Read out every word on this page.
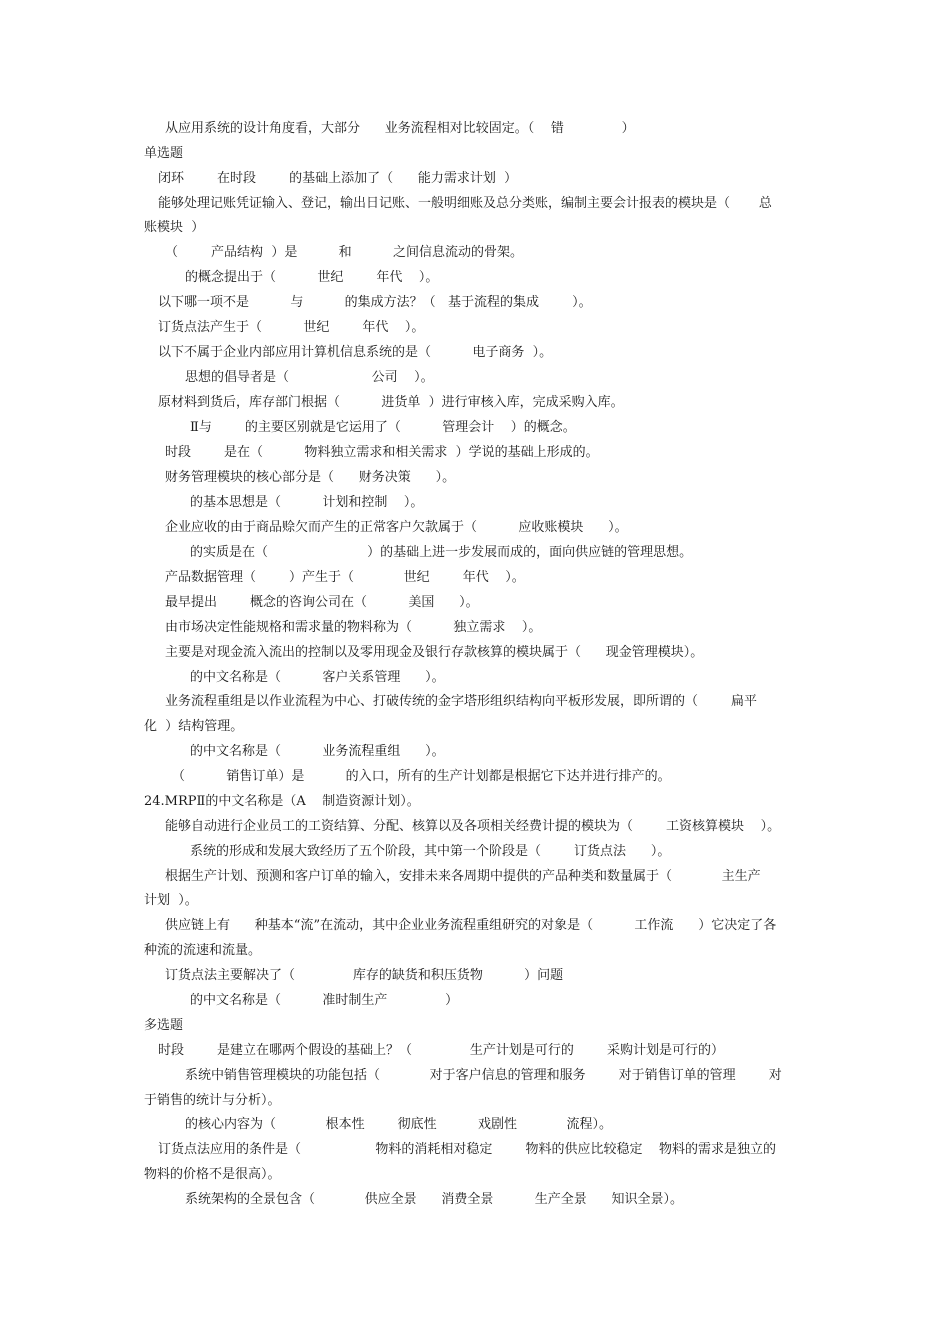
从应用系统的设计角度看，大部分      业务流程相对比较固定。（    错              ）

单选题

闭环        在时段        的基础上添加了（      能力需求计划  ）

能够处理记账凭证输入、登记，输出日记账、一般明细账及总分类账，编制主要会计报表的模块是（       总

账模块  ）

（        产品结构  ）是          和          之间信息流动的骨架。

的概念提出于（          世纪        年代    ）。

以下哪一项不是          与          的集成方法？（   基于流程的集成        ）。

订货点法产生于（          世纪        年代    ）。

以下不属于企业内部应用计算机信息系统的是（          电子商务  ）。

思想的倡导者是（                    公司    ）。

原材料到货后，库存部门根据（          进货单  ）进行审核入库，完成采购入库。

Ⅱ与        的主要区别就是它运用了（          管理会计    ）的概念。

时段        是在（          物料独立需求和相关需求  ）学说的基础上形成的。

财务管理模块的核心部分是（      财务决策      ）。

的基本思想是（          计划和控制    ）。

企业应收的由于商品赊欠而产生的正常客户欠款属于（          应收账模块      ）。

的实质是在（                        ）的基础上进一步发展而成的，面向供应链的管理思想。

产品数据管理（        ）产生于（            世纪        年代    ）。

最早提出        概念的咨询公司在（          美国      ）。

由市场决定性能规格和需求量的物料称为（          独立需求    ）。

主要是对现金流入流出的控制以及零用现金及银行存款核算的模块属于（      现金管理模块）。

的中文名称是（          客户关系管理      ）。

业务流程重组是以作业流程为中心、打破传统的金字塔形组织结构向平板形发展，即所谓的（        扁平

化  ）结构管理。

的中文名称是（          业务流程重组      ）。

（          销售订单）是          的入口，所有的生产计划都是根据它下达并进行排产的。

24.MRPⅡ的中文名称是（A    制造资源计划）。

能够自动进行企业员工的工资结算、分配、核算以及各项相关经费计提的模块为（        工资核算模块    ）。

系统的形成和发展大致经历了五个阶段，其中第一个阶段是（        订货点法      ）。

根据生产计划、预测和客户订单的输入，安排未来各周期中提供的产品种类和数量属于（            主生产

计划  ）。

供应链上有      种基本“流”在流动，其中企业业务流程重组研究的对象是（          工作流      ）它决定了各

种流的流速和流量。

订货点法主要解决了（              库存的缺货和积压货物          ）问题

的中文名称是（          准时制生产              ）

多选题

时段        是建立在哪两个假设的基础上？（              生产计划是可行的        采购计划是可行的）

系统中销售管理模块的功能包括（            对于客户信息的管理和服务        对于销售订单的管理        对

于销售的统计与分析）。

的核心内容为（            根本性        彻底性          戏剧性            流程）。

订货点法应用的条件是（                  物料的消耗相对稳定        物料的供应比较稳定    物料的需求是独立的

物料的价格不是很高）。

系统架构的全景包含（            供应全景      消费全景          生产全景      知识全景）。
